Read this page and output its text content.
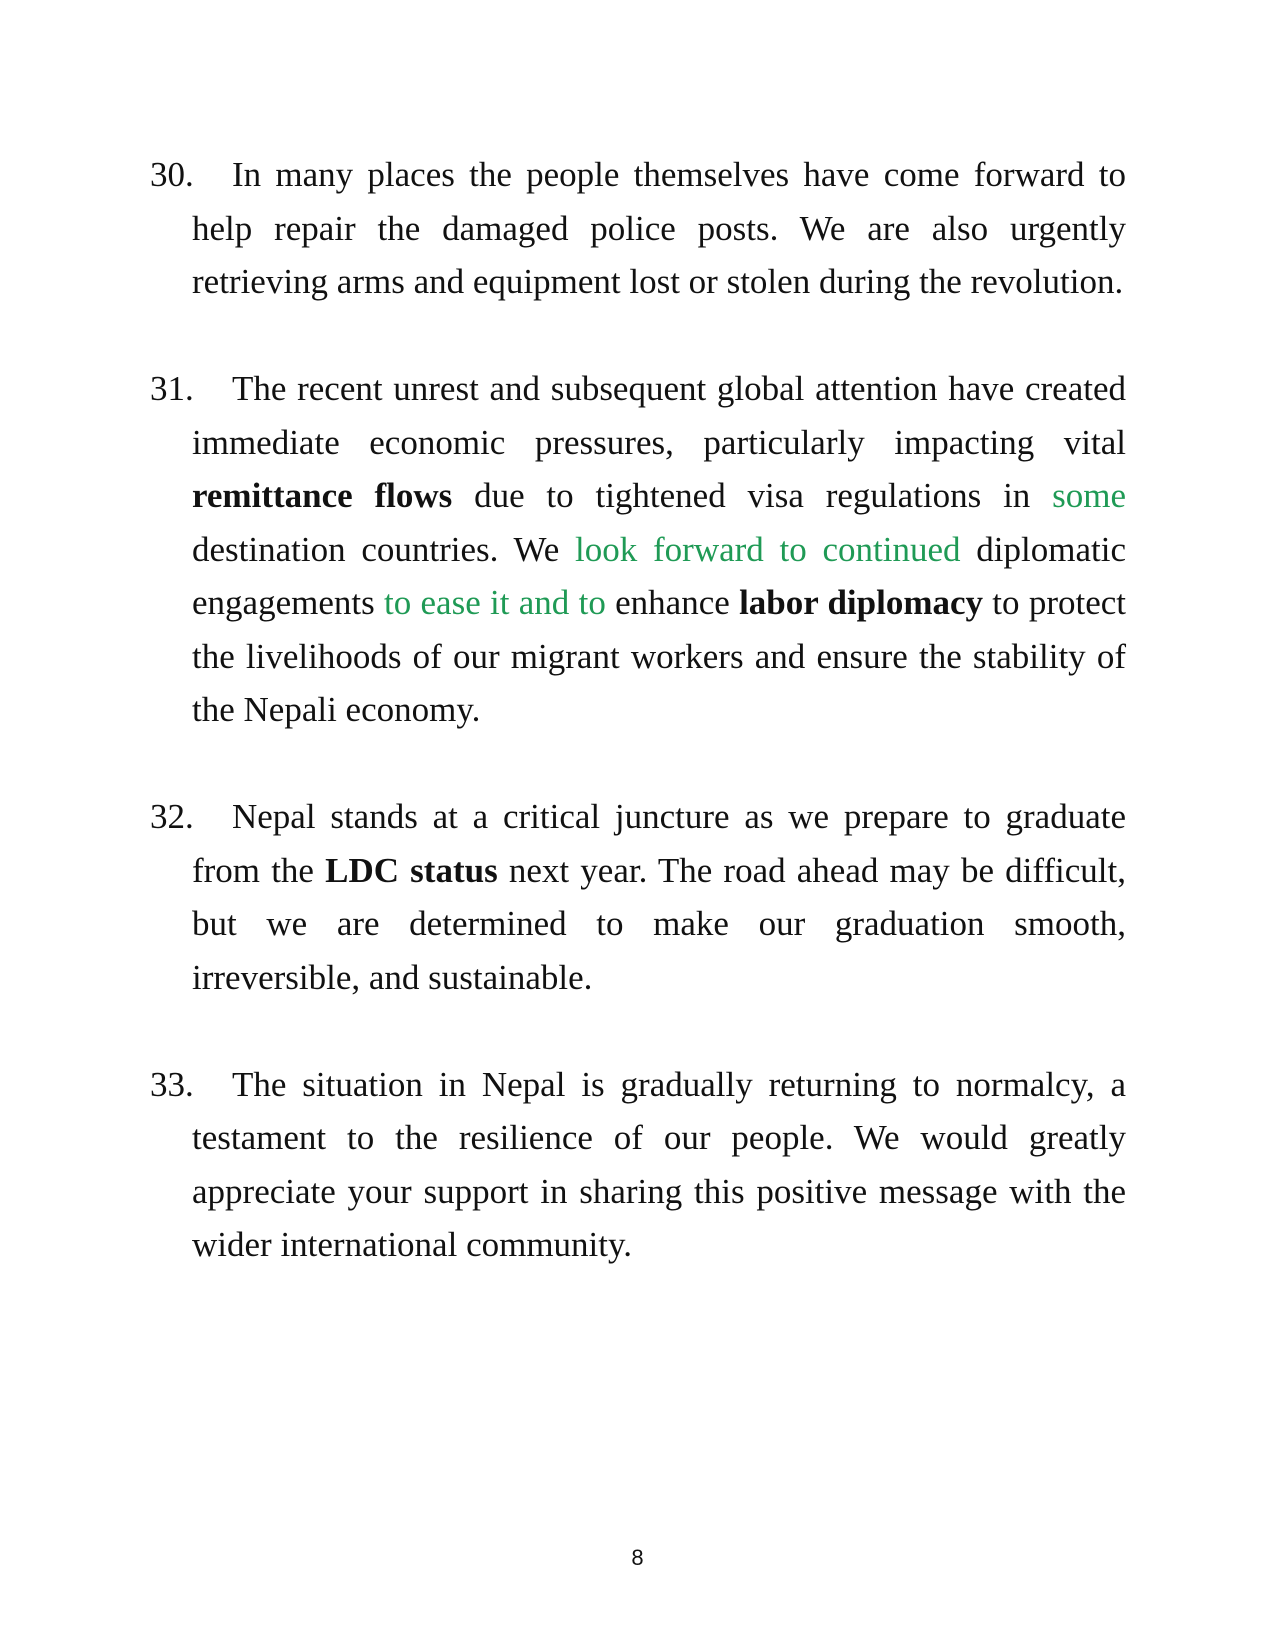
30. In many places the people themselves have come forward to help repair the damaged police posts. We are also urgently retrieving arms and equipment lost or stolen during the revolution.

31. The recent unrest and subsequent global attention have created immediate economic pressures, particularly impacting vital remittance flows due to tightened visa regulations in some destination countries. We look forward to continued diplomatic engagements to ease it and to enhance labor diplomacy to protect the livelihoods of our migrant workers and ensure the stability of the Nepali economy.

32. Nepal stands at a critical juncture as we prepare to graduate from the LDC status next year. The road ahead may be difficult, but we are determined to make our graduation smooth, irreversible, and sustainable.

33. The situation in Nepal is gradually returning to normalcy, a testament to the resilience of our people. We would greatly appreciate your support in sharing this positive message with the wider international community.

8
